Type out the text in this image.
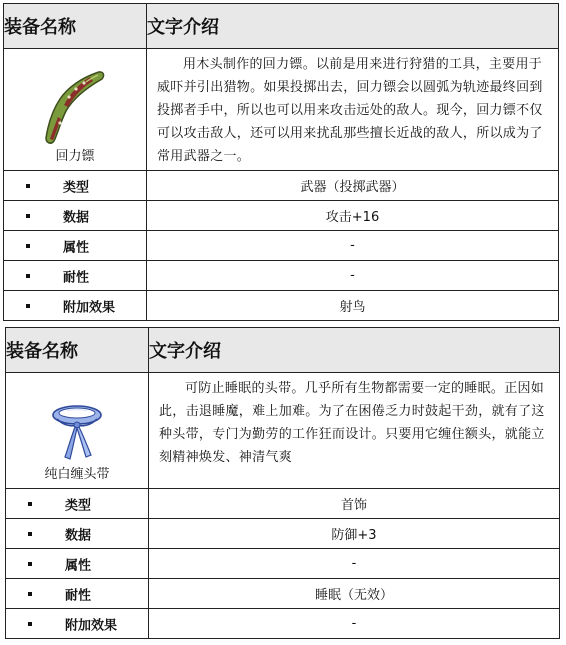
装备名称	文字介绍

回力镖	用木头制作的回力镖。以前是用来进行狩猎的工具，主要用于威吓并引出猎物。如果投掷出去，回力镖会以圆弧为轨迹最终回到投掷者手中，所以也可以用来攻击远处的敌人。现今，回力镖不仅可以攻击敌人，还可以用来扰乱那些擅长近战的敌人，所以成为了常用武器之一。

类型	武器（投掷武器）

数据	攻击+16

属性	-

耐性	-

附加效果	射鸟
装备名称	文字介绍

纯白缠头带	可防止睡眠的头带。几乎所有生物都需要一定的睡眠。正因如此，击退睡魔，难上加难。为了在困倦乏力时鼓起干劲，就有了这种头带，专门为勤劳的工作狂而设计。只要用它缠住额头，就能立刻精神焕发、神清气爽

类型	首饰

数据	防御+3

属性	-

耐性	睡眠（无效）

附加效果	-
